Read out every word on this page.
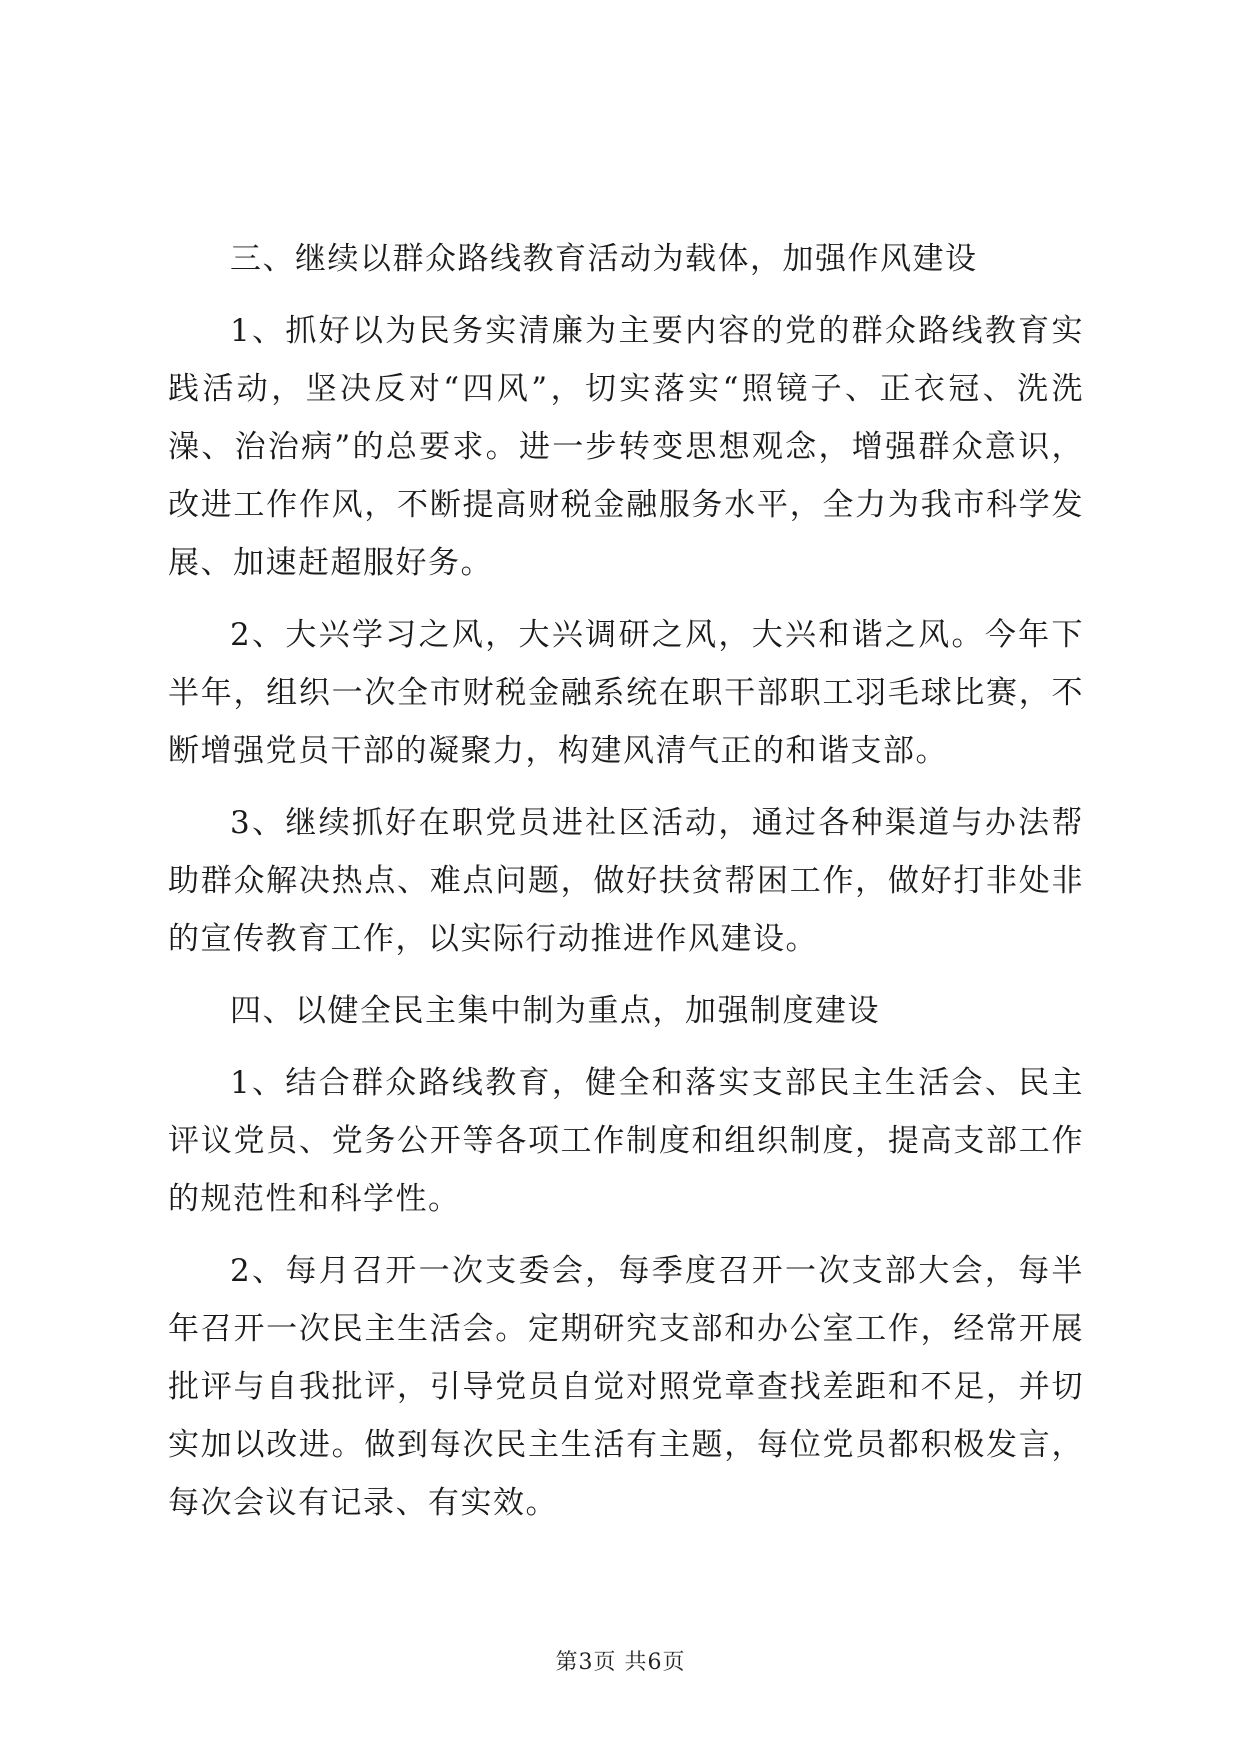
三、继续以群众路线教育活动为载体，加强作风建设

1、抓好以为民务实清廉为主要内容的党的群众路线教育实践活动，坚决反对“四风”，切实落实“照镜子、正衣冠、洗洗澡、治治病”的总要求。进一步转变思想观念，增强群众意识，改进工作作风，不断提高财税金融服务水平，全力为我市科学发展、加速赶超服好务。

2、大兴学习之风，大兴调研之风，大兴和谐之风。今年下半年，组织一次全市财税金融系统在职干部职工羽毛球比赛，不断增强党员干部的凝聚力，构建风清气正的和谐支部。

3、继续抓好在职党员进社区活动，通过各种渠道与办法帮助群众解决热点、难点问题，做好扶贫帮困工作，做好打非处非的宣传教育工作，以实际行动推进作风建设。

四、以健全民主集中制为重点，加强制度建设

1、结合群众路线教育，健全和落实支部民主生活会、民主评议党员、党务公开等各项工作制度和组织制度，提高支部工作的规范性和科学性。

2、每月召开一次支委会，每季度召开一次支部大会，每半年召开一次民主生活会。定期研究支部和办公室工作，经常开展批评与自我批评，引导党员自觉对照党章查找差距和不足，并切实加以改进。做到每次民主生活有主题，每位党员都积极发言，每次会议有记录、有实效。

第3页 共6页
